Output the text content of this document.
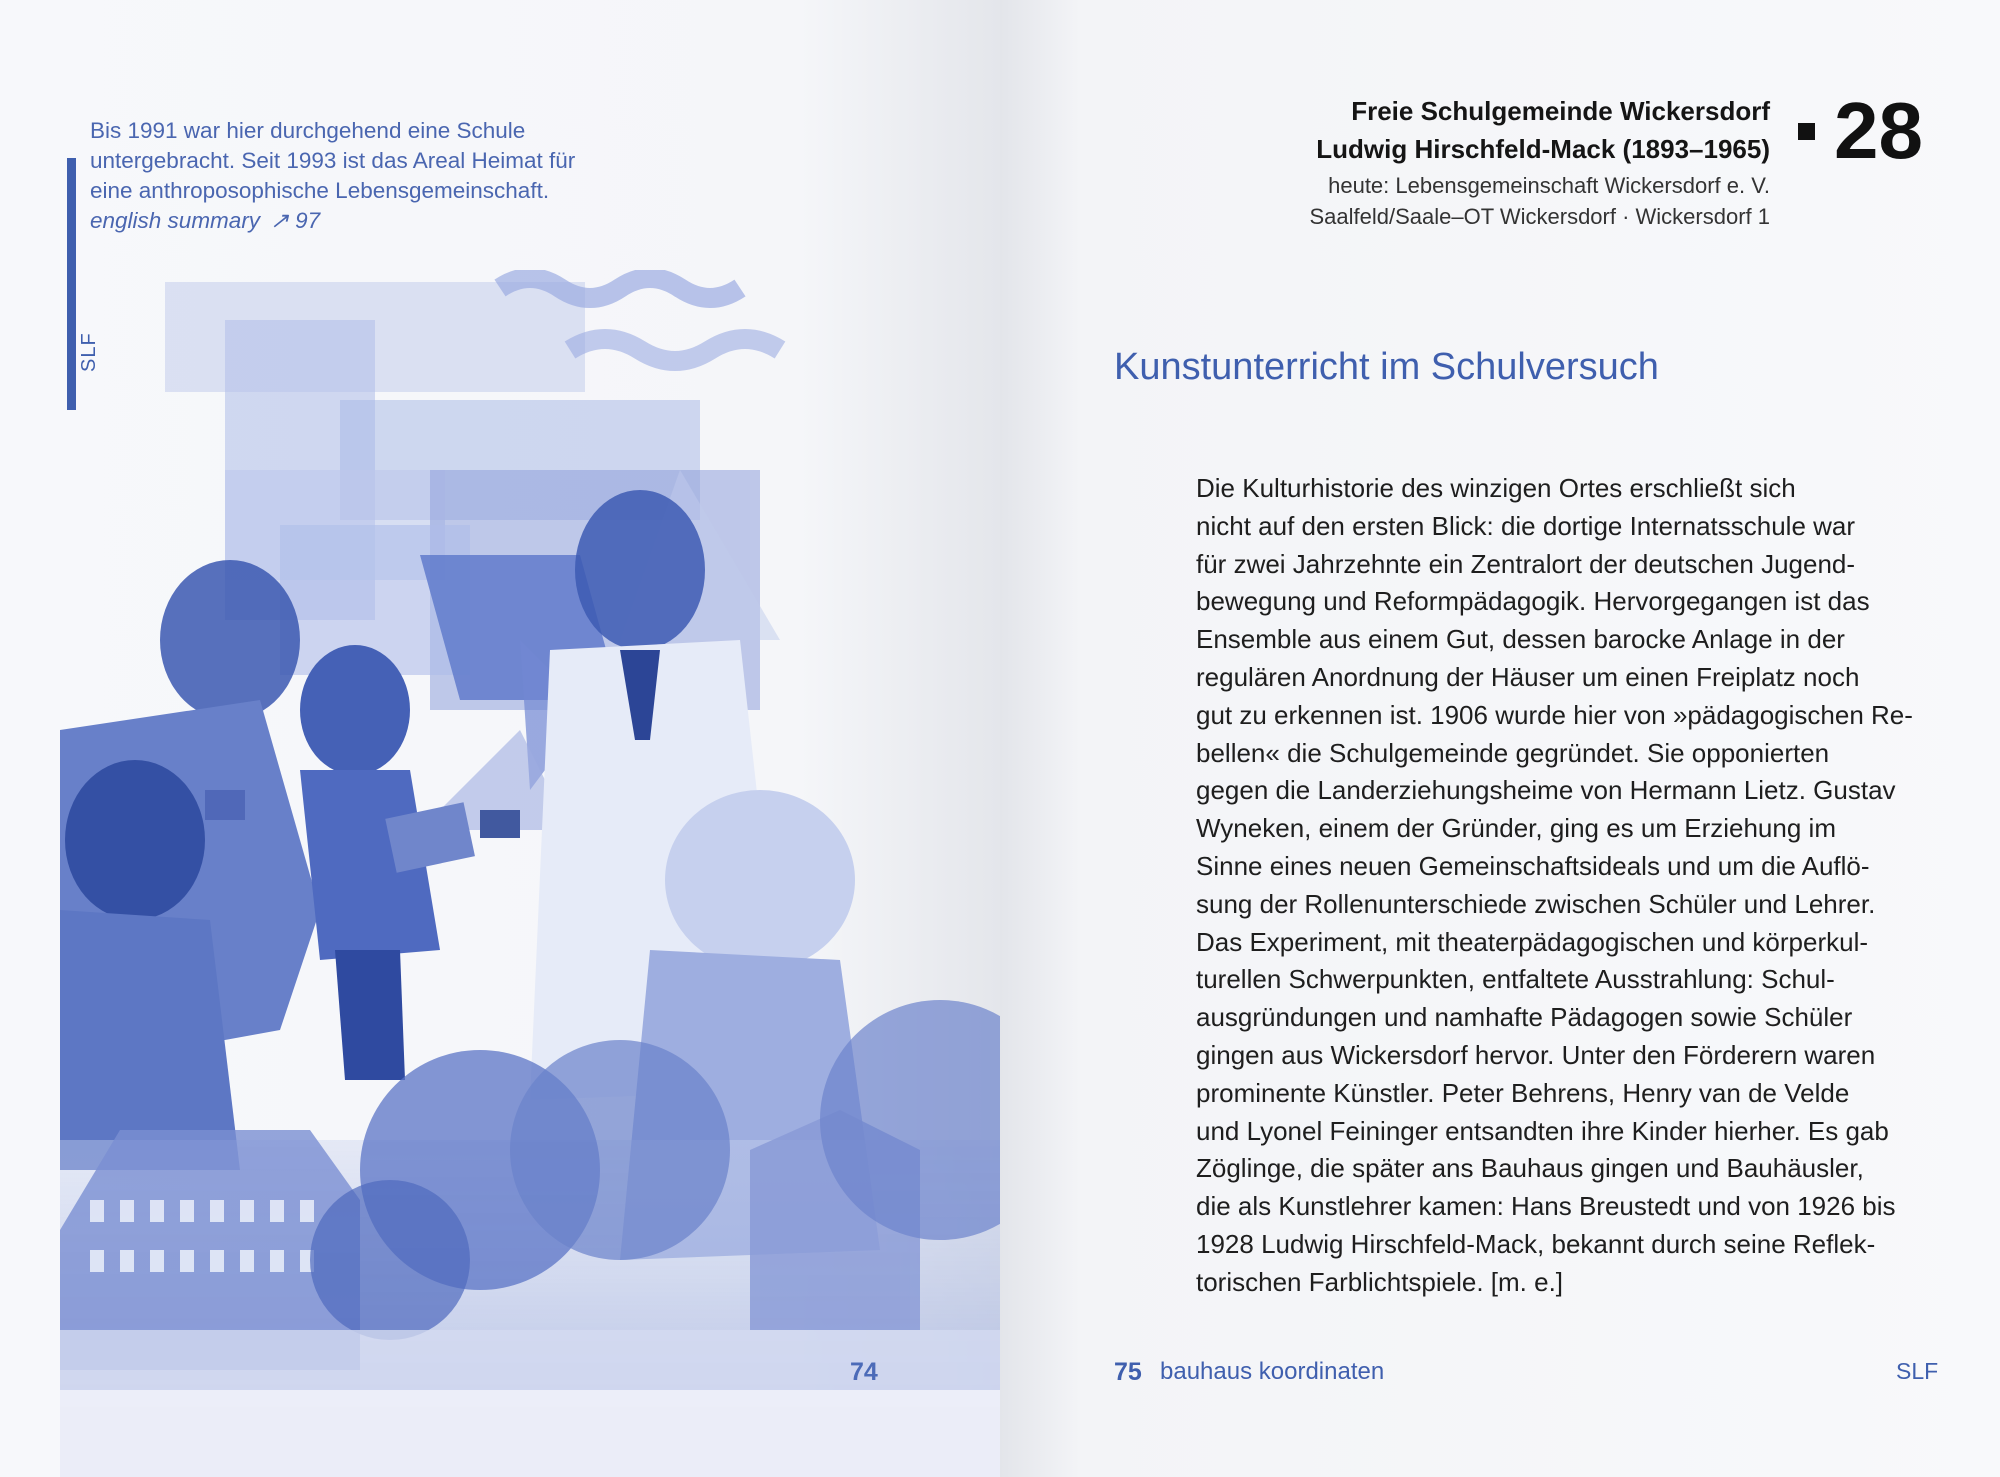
SLF
Bis 1991 war hier durchgehend eine Schule
untergebracht. Seit 1993 ist das Areal Heimat für
eine anthroposophische Lebensgemeinschaft.
english summary ↗ 97
74
28
Freie Schulgemeinde Wickersdorf
Ludwig Hirschfeld-Mack (1893–1965)
heute: Lebensgemeinschaft Wickersdorf e. V.
Saalfeld/Saale–OT Wickersdorf · Wickersdorf 1
Kunstunterricht im Schulversuch
Die Kulturhistorie des winzigen Ortes erschließt sich
nicht auf den ersten Blick: die dortige Internatsschule war
für zwei Jahrzehnte ein Zentralort der deutschen Jugend-
bewegung und Reformpädagogik. Hervorgegangen ist das
Ensemble aus einem Gut, dessen barocke Anlage in der
regulären Anordnung der Häuser um einen Freiplatz noch
gut zu erkennen ist. 1906 wurde hier von »pädagogischen Re-
bellen« die Schulgemeinde gegründet. Sie opponierten
gegen die Landerziehungsheime von Hermann Lietz. Gustav
Wyneken, einem der Gründer, ging es um Erziehung im
Sinne eines neuen Gemeinschaftsideals und um die Auflö-
sung der Rollenunterschiede zwischen Schüler und Lehrer.
Das Experiment, mit theaterpädagogischen und körperkul-
turellen Schwerpunkten, entfaltete Ausstrahlung: Schul-
ausgründungen und namhafte Pädagogen sowie Schüler
gingen aus Wickersdorf hervor. Unter den Förderern waren
prominente Künstler. Peter Behrens, Henry van de Velde
und Lyonel Feininger entsandten ihre Kinder hierher. Es gab
Zöglinge, die später ans Bauhaus gingen und Bauhäusler,
die als Kunstlehrer kamen: Hans Breustedt und von 1926 bis
1928 Ludwig Hirschfeld-Mack, bekannt durch seine Reflek-
torischen Farblichtspiele. [m. e.]
75 bauhaus koordinaten	SLF
